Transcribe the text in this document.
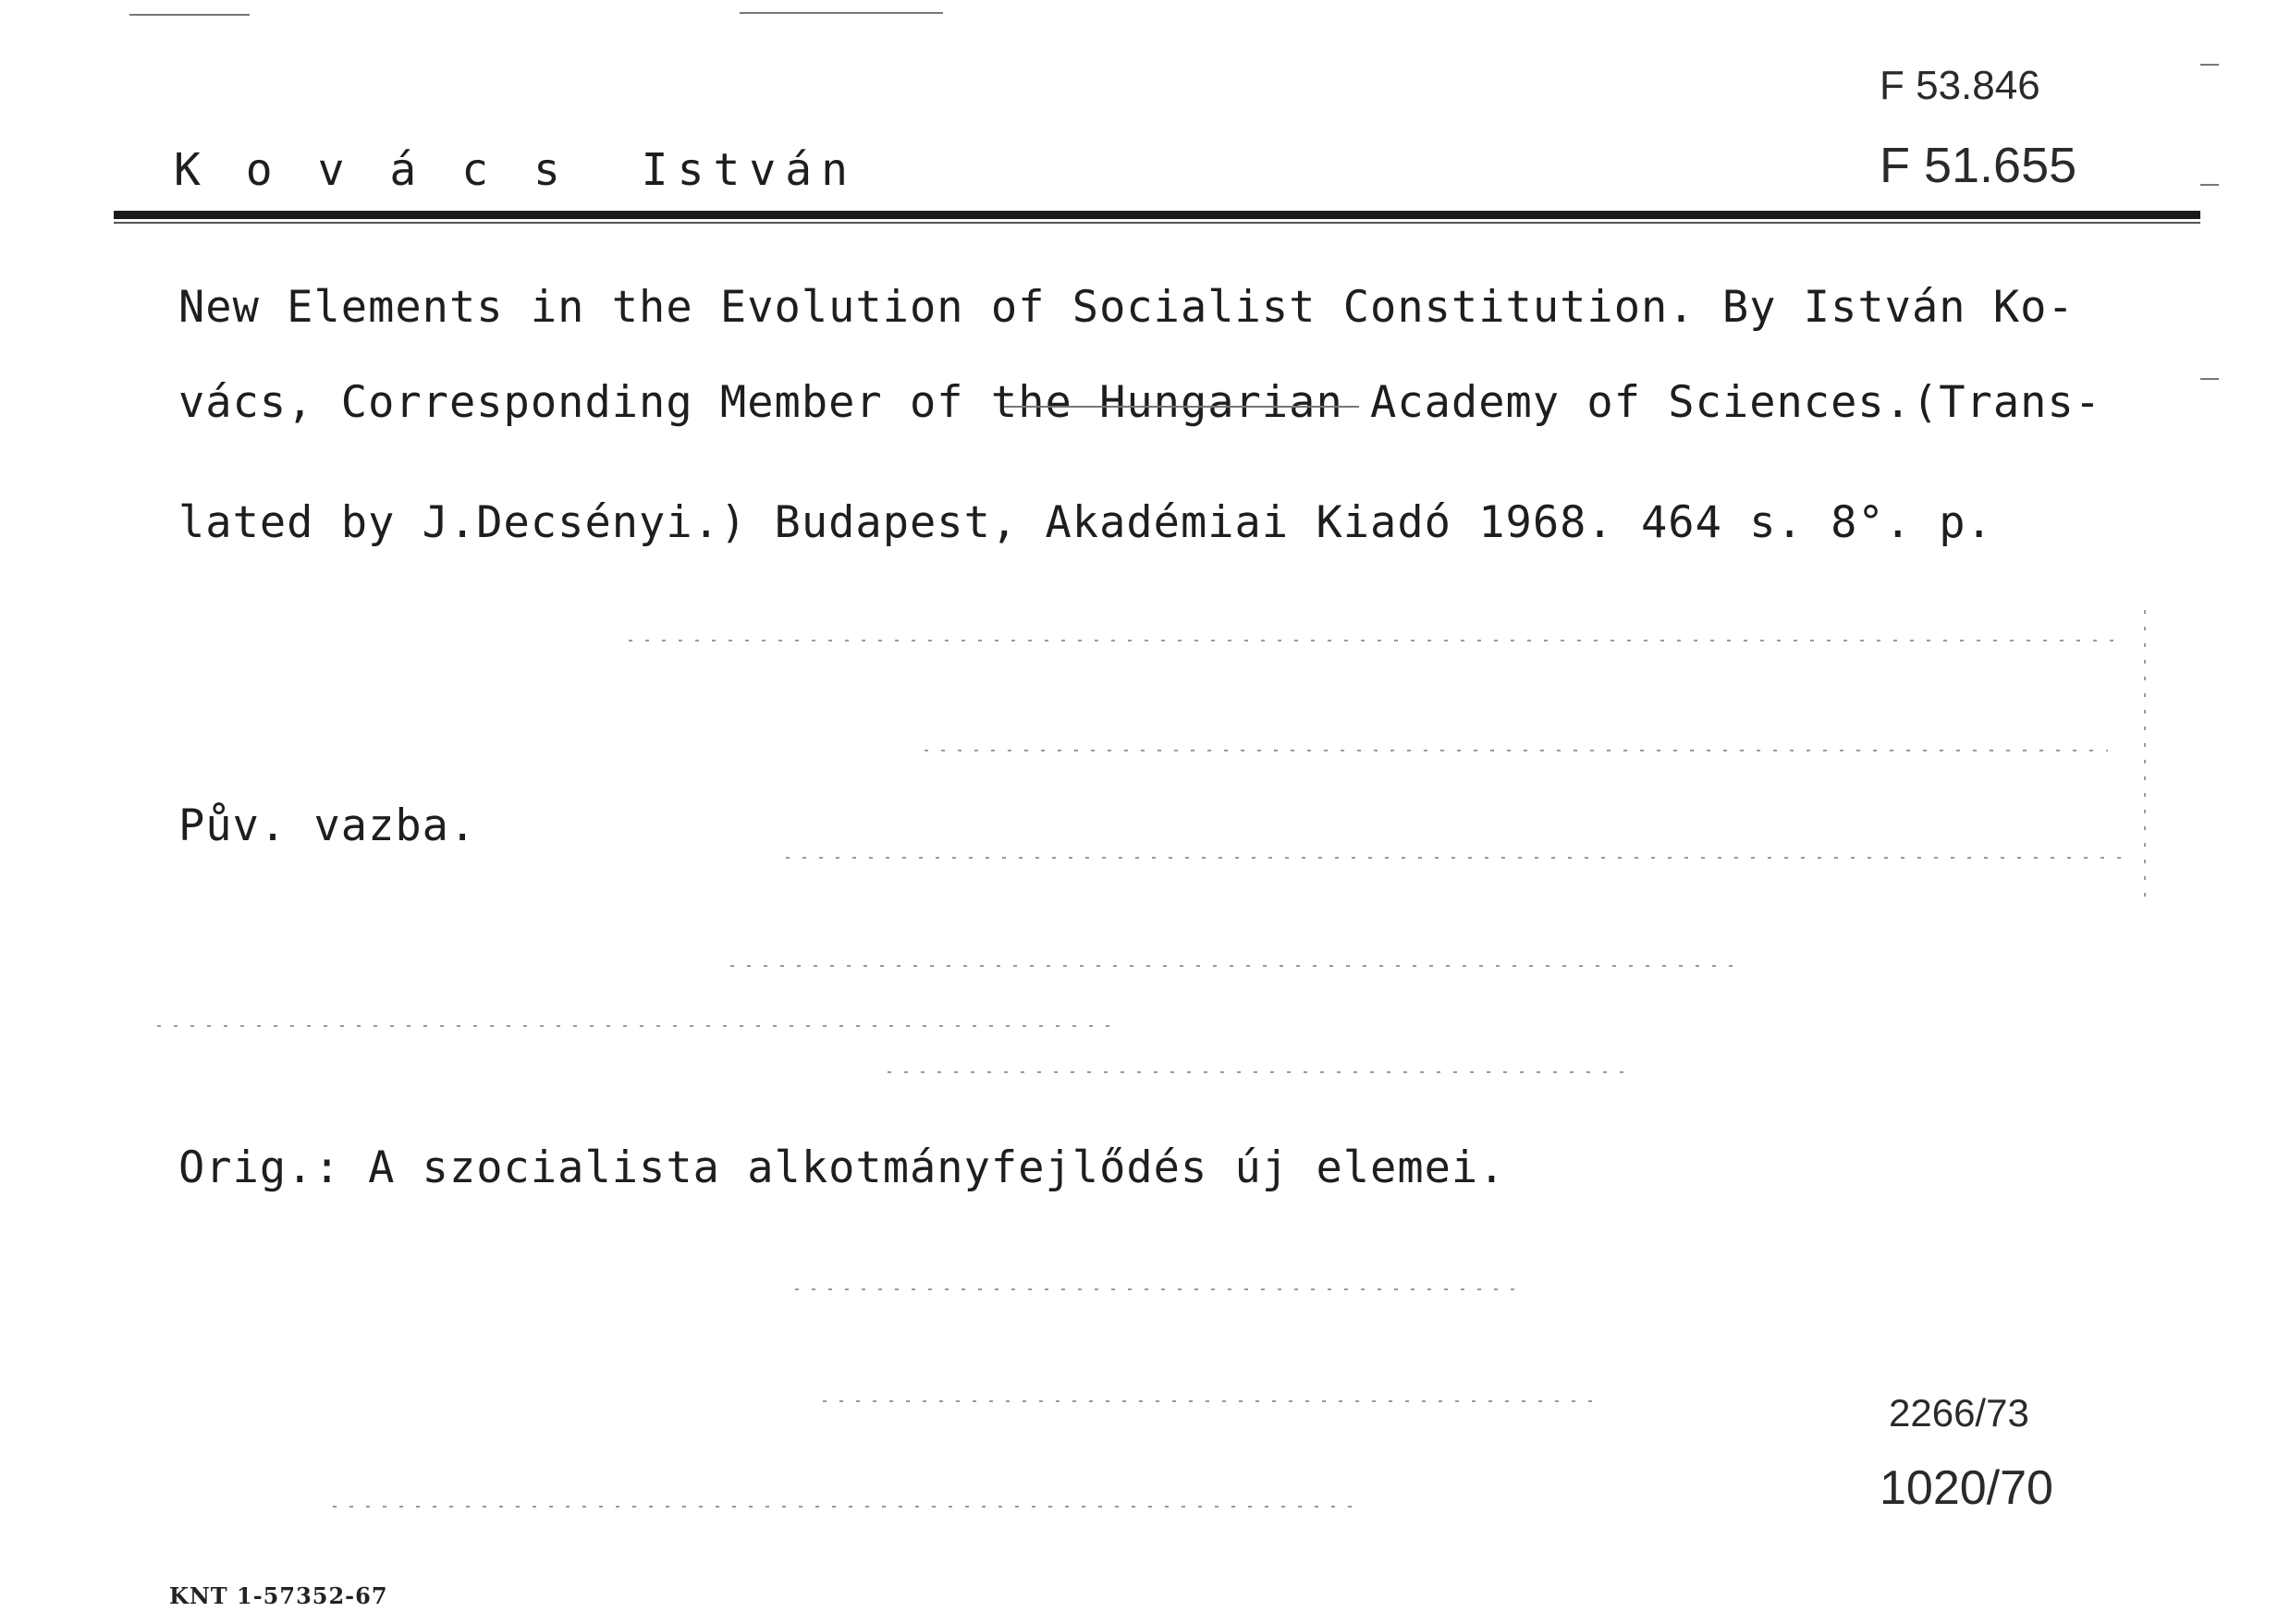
F 53.846
F 51.655
K o v á c s  István
New Elements in the Evolution of Socialist Constitution. By István Ko-
vács, Corresponding Member of the Hungarian Academy of Sciences.(Trans-
lated by J.Decsényi.) Budapest, Akadémiai Kiadó 1968. 464 s. 8°. p.
Pův. vazba.
Orig.: A szocialista alkotmányfejlődés új elemei.
2266/73
1020/70
KNT 1-57352-67
